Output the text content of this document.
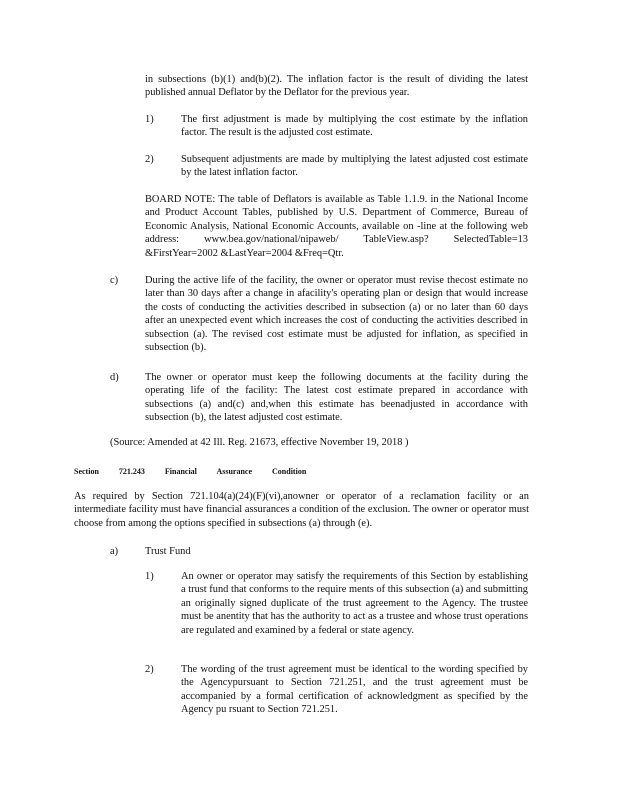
in subsections (b)(1) and(b)(2). The inflation factor is the result of dividing the latest published annual Deflator by the Deflator for the previous year.
1)	The first adjustment is made by multiplying the cost estimate by the inflation factor. The result is the adjusted cost estimate.
2)	Subsequent adjustments are made by multiplying the latest adjusted cost estimate by the latest inflation factor.
BOARD NOTE: The table of Deflators is available as Table 1.1.9. in the National Income and Product Account Tables, published by U.S. Department of Commerce, Bureau of Economic Analysis, National Economic Accounts, available on -line at the following web address: www.bea.gov/national/nipaweb/ TableView.asp? SelectedTable=13 &FirstYear=2002 &LastYear=2004 &Freq=Qtr.
c)	During the active life of the facility, the owner or operator must revise thecost estimate no later than 30 days after a change in afacility's operating plan or design that would increase the costs of conducting the activities described in subsection (a) or no later than 60 days after an unexpected event which increases the cost of conducting the activities described in subsection (a). The revised cost estimate must be adjusted for inflation, as specified in subsection (b).
d)	The owner or operator must keep the following documents at the facility during the operating life of the facility: The latest cost estimate prepared in accordance with subsections (a) and(c) and,when this estimate has beenadjusted in accordance with subsection (b), the latest adjusted cost estimate.
(Source: Amended at 42 Ill. Reg. 21673, effective November 19, 2018 )
Section	721.243	Financial Assurance	Condition
As required by Section 721.104(a)(24)(F)(vi),anowner or operator of a reclamation facility or an intermediate facility must have financial assurances a condition of the exclusion. The owner or operator must choose from among the options specified in subsections (a) through (e).
a)	Trust Fund
1)	An owner or operator may satisfy the requirements of this Section by establishing a trust fund that conforms to the require ments of this subsection (a) and submitting an originally signed duplicate of the trust agreement to the Agency. The trustee must be anentity that has the authority to act as a trustee and whose trust operations are regulated and examined by a federal or state agency.
2)	The wording of the trust agreement must be identical to the wording specified by the Agencypursuant to Section 721.251, and the trust agreement must be accompanied by a formal certification of acknowledgment as specified by the Agency pu rsuant to Section 721.251.
